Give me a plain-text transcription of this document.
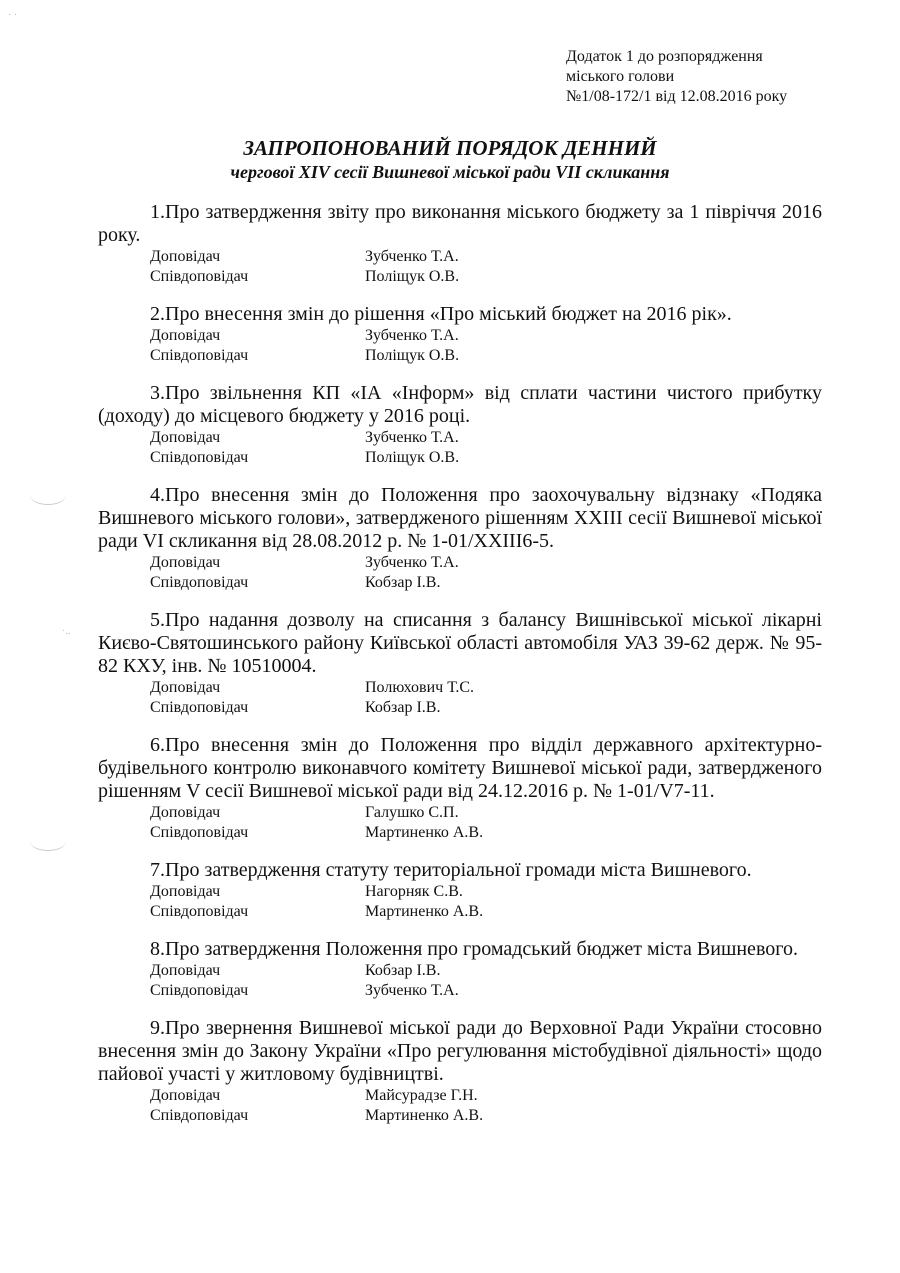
· ·
·..
Додаток 1 до розпорядження
міського голови
№1/08-172/1 від 12.08.2016 року
ЗАПРОПОНОВАНИЙ ПОРЯДОК ДЕННИЙ
чергової XIV сесії Вишневої міської ради VII скликання

1.Про затвердження звіту про виконання міського бюджету за 1 півріччя 2016 року.

Доповідач	Зубченко Т.А.
Співдоповідач	Поліщук О.В.

2.Про внесення змін до рішення «Про міський бюджет на 2016 рік».

Доповідач	Зубченко Т.А.
Співдоповідач	Поліщук О.В.

3.Про звільнення КП «ІА «Інформ» від сплати частини чистого прибутку (доходу) до місцевого бюджету у 2016 році.

Доповідач	Зубченко Т.А.
Співдоповідач	Поліщук О.В.

4.Про внесення змін до Положення про заохочувальну відзнаку «Подяка Вишневого міського голови», затвердженого рішенням XXIII сесії Вишневої міської ради VI скликання від 28.08.2012 р. № 1-01/XXIII6-5.

Доповідач	Зубченко Т.А.
Співдоповідач	Кобзар І.В.

5.Про надання дозволу на списання з балансу Вишнівської міської лікарні Києво-Святошинського району Київської області автомобіля УАЗ 39-62 держ. № 95-82 КХУ, інв. № 10510004.

Доповідач	Полюхович Т.С.
Співдоповідач	Кобзар І.В.

6.Про внесення змін до Положення про відділ державного архітектурно-будівельного контролю виконавчого комітету Вишневої міської ради, затвердженого рішенням V сесії Вишневої міської ради від 24.12.2016 р. № 1-01/V7-11.

Доповідач	Галушко С.П.
Співдоповідач	Мартиненко А.В.

7.Про затвердження статуту територіальної громади міста Вишневого.

Доповідач	Нагорняк С.В.
Співдоповідач	Мартиненко А.В.

8.Про затвердження Положення про громадський бюджет міста Вишневого.

Доповідач	Кобзар І.В.
Співдоповідач	Зубченко Т.А.

9.Про звернення Вишневої міської ради до Верховної Ради України стосовно внесення змін до Закону України «Про регулювання містобудівної діяльності» щодо пайової участі у житловому будівництві.

Доповідач	Майсурадзе Г.Н.
Співдоповідач	Мартиненко А.В.
